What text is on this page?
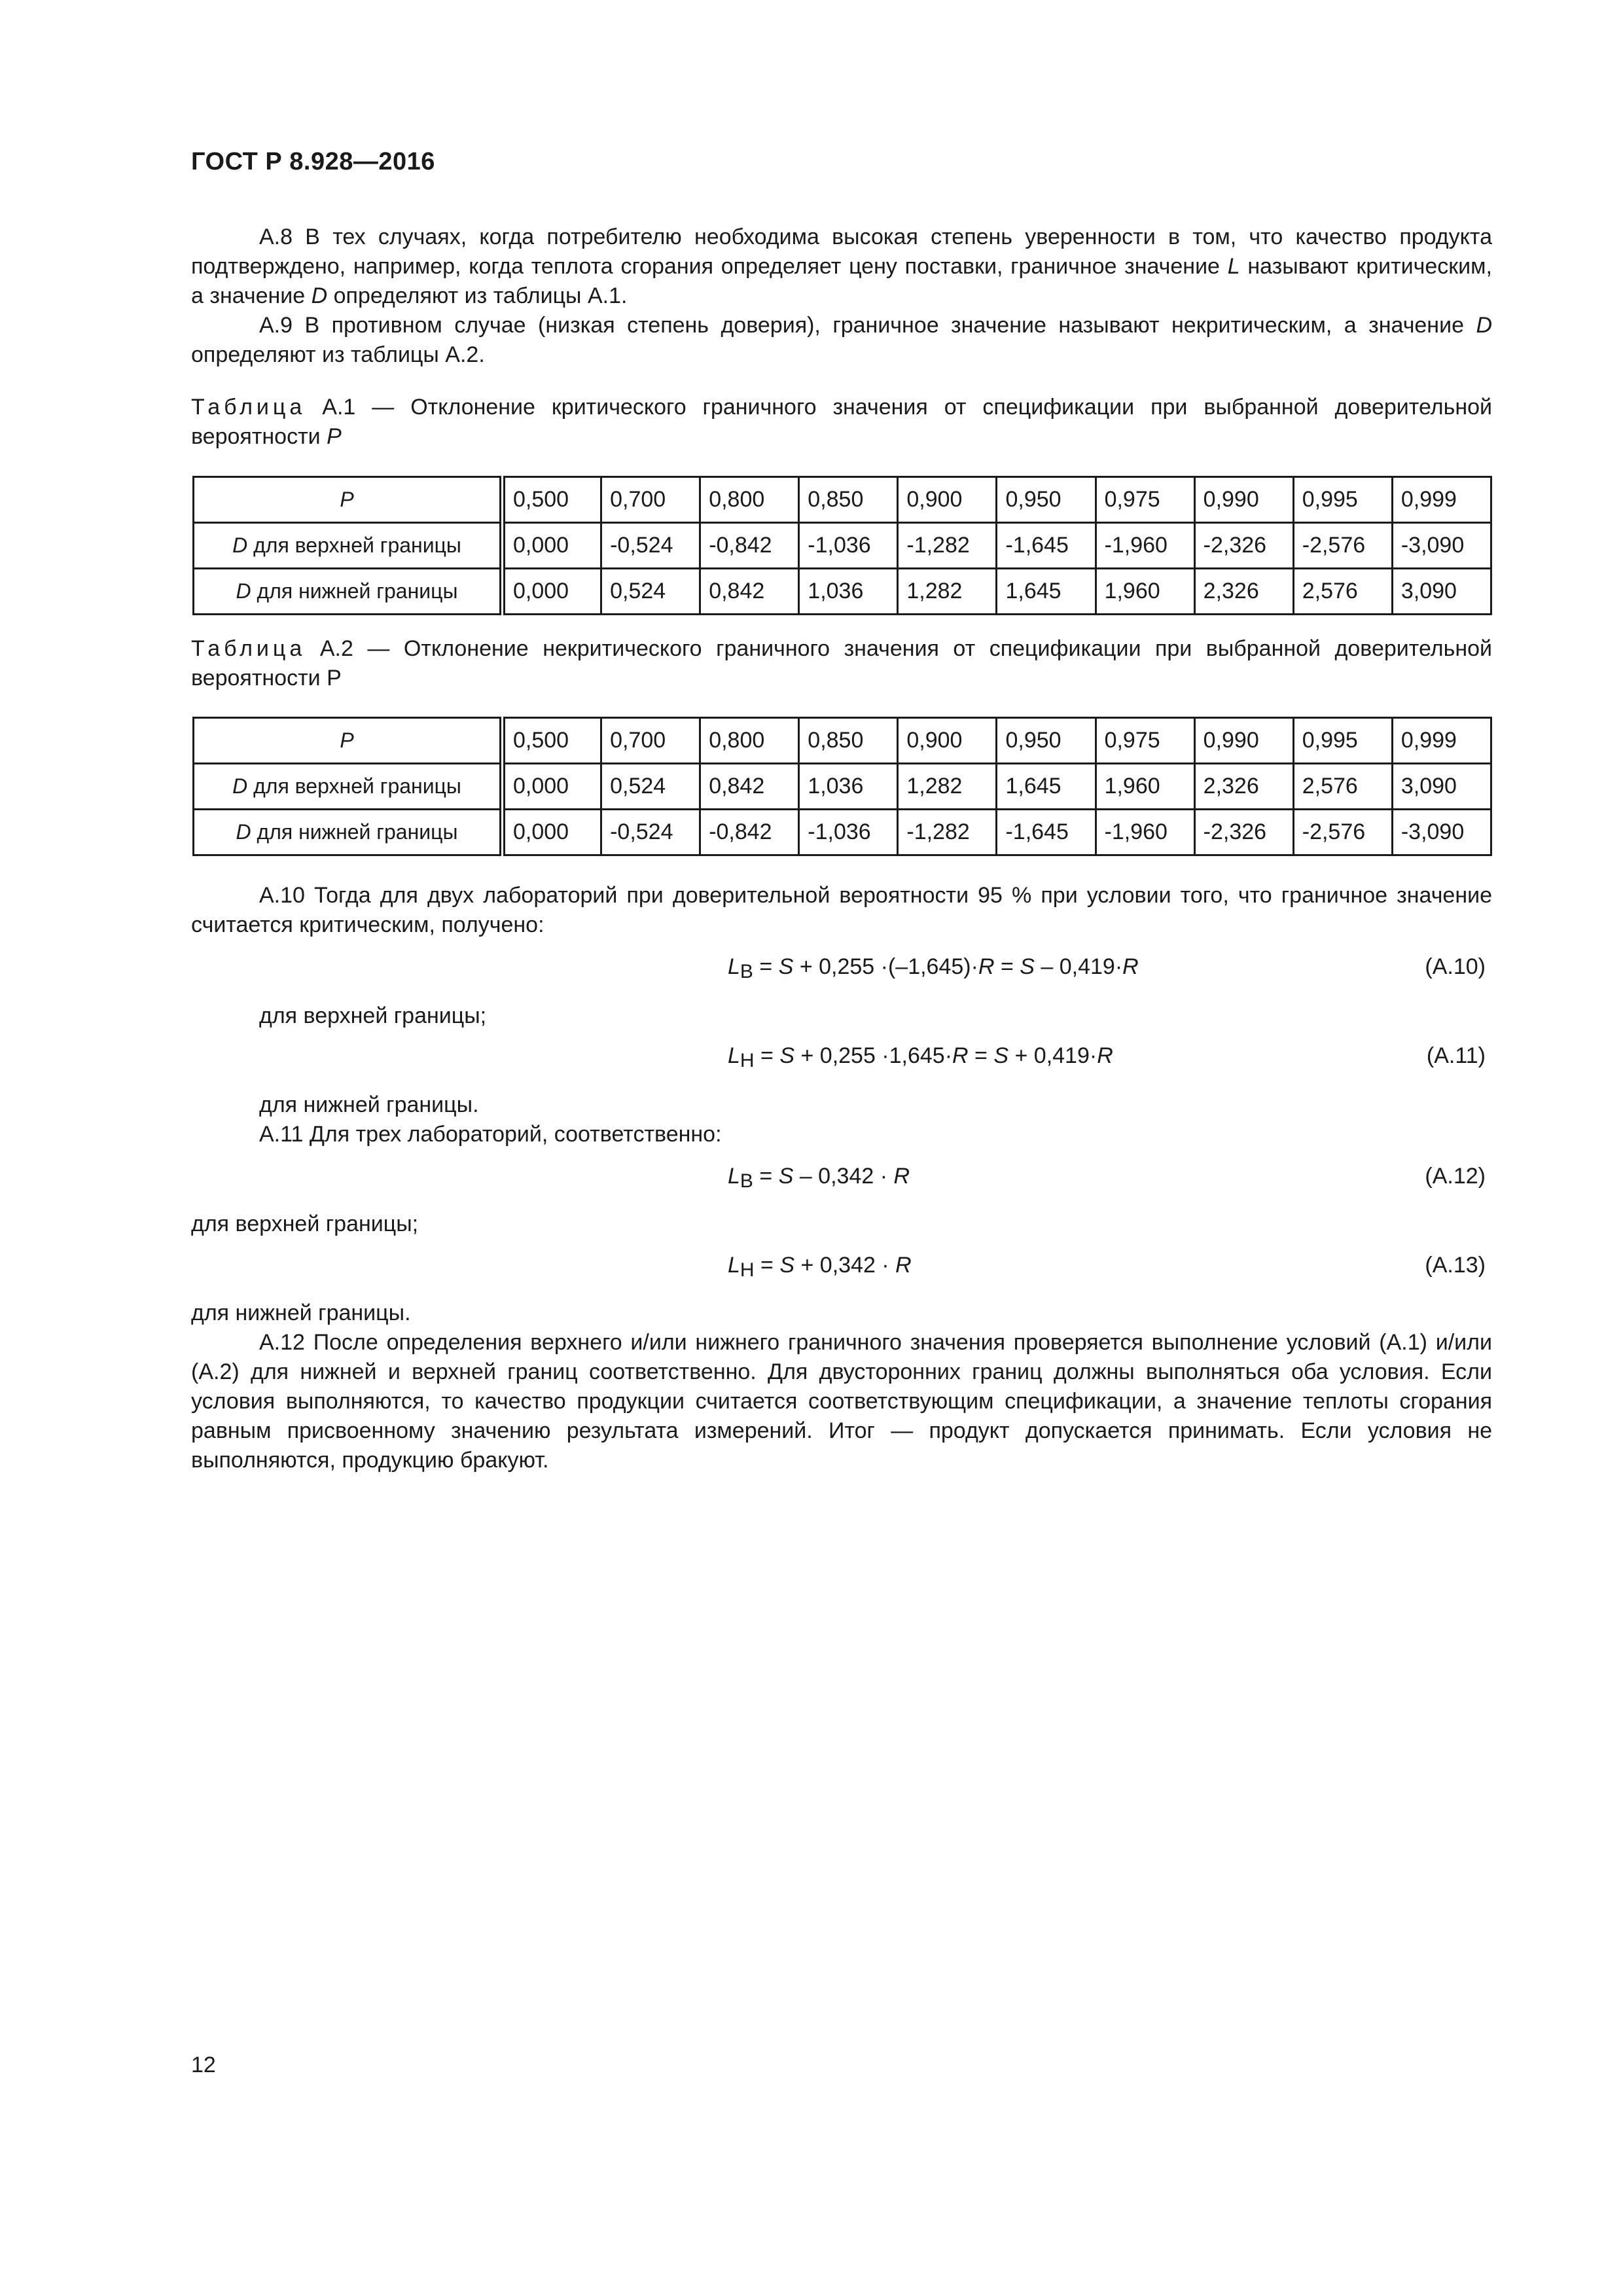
ГОСТ Р 8.928—2016

А.8 В тех случаях, когда потребителю необходима высокая степень уверенности в том, что качество продукта подтверждено, например, когда теплота сгорания определяет цену поставки, граничное значение L называют критическим, а значение D определяют из таблицы А.1.

А.9 В противном случае (низкая степень доверия), граничное значение называют некритическим, а значение D определяют из таблицы А.2.

Таблица А.1 — Отклонение критического граничного значения от спецификации при выбранной доверительной вероятности P

P	0,500	0,700	0,800	0,850	0,900	0,950	0,975	0,990	0,995	0,999
D для верхней границы	0,000	-0,524	-0,842	-1,036	-1,282	-1,645	-1,960	-2,326	-2,576	-3,090
D для нижней границы	0,000	0,524	0,842	1,036	1,282	1,645	1,960	2,326	2,576	3,090

Таблица А.2 — Отклонение некритического граничного значения от спецификации при выбранной доверительной вероятности P

P	0,500	0,700	0,800	0,850	0,900	0,950	0,975	0,990	0,995	0,999
D для верхней границы	0,000	0,524	0,842	1,036	1,282	1,645	1,960	2,326	2,576	3,090
D для нижней границы	0,000	-0,524	-0,842	-1,036	-1,282	-1,645	-1,960	-2,326	-2,576	-3,090

А.10 Тогда для двух лабораторий при доверительной вероятности 95 % при условии того, что граничное значение считается критическим, получено:

$L_B = S + 0,255 \cdot(-1,645)\cdot R = S - 0,419\cdot R$	(А.10)

для верхней границы;

$L_H = S + 0,255 \cdot 1,645\cdot R = S + 0,419\cdot R$	(А.11)

для нижней границы.

А.11 Для трех лабораторий, соответственно:

$L_B = S - 0,342 \cdot R$	(А.12)

для верхней границы;

$L_H = S + 0,342 \cdot R$	(А.13)

для нижней границы.

А.12 После определения верхнего и/или нижнего граничного значения проверяется выполнение условий (А.1) и/или (А.2) для нижней и верхней границ соответственно. Для двусторонних границ должны выполняться оба условия. Если условия выполняются, то качество продукции считается соответствующим спецификации, а значение теплоты сгорания равным присвоенному значению результата измерений. Итог — продукт допускается принимать. Если условия не выполняются, продукцию бракуют.

12
